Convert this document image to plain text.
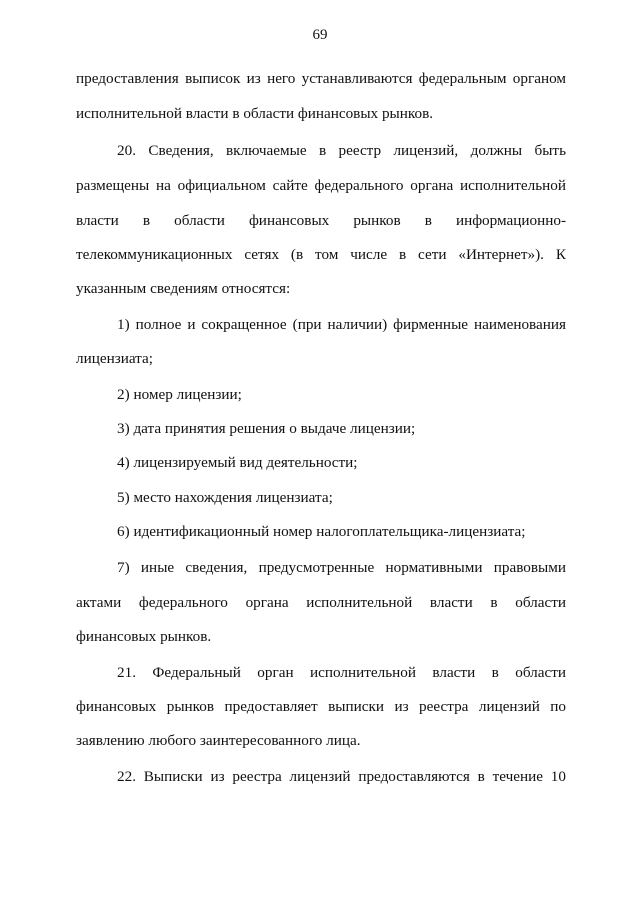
69
предоставления выписок из него устанавливаются федеральным органом
исполнительной власти в области финансовых рынков.
20. Сведения, включаемые в реестр лицензий, должны быть
размещены на официальном сайте федерального органа исполнительной
власти в области финансовых рынков в информационно-
телекоммуникационных сетях (в том числе в сети «Интернет»). К
указанным сведениям относятся:
1) полное и сокращенное (при наличии) фирменные наименования
лицензиата;
2) номер лицензии;
3) дата принятия решения о выдаче лицензии;
4) лицензируемый вид деятельности;
5) место нахождения лицензиата;
6) идентификационный номер налогоплательщика-лицензиата;
7) иные сведения, предусмотренные нормативными правовыми
актами федерального органа исполнительной власти в области
финансовых рынков.
21. Федеральный орган исполнительной власти в области
финансовых рынков предоставляет выписки из реестра лицензий по
заявлению любого заинтересованного лица.
22. Выписки из реестра лицензий предоставляются в течение 10
